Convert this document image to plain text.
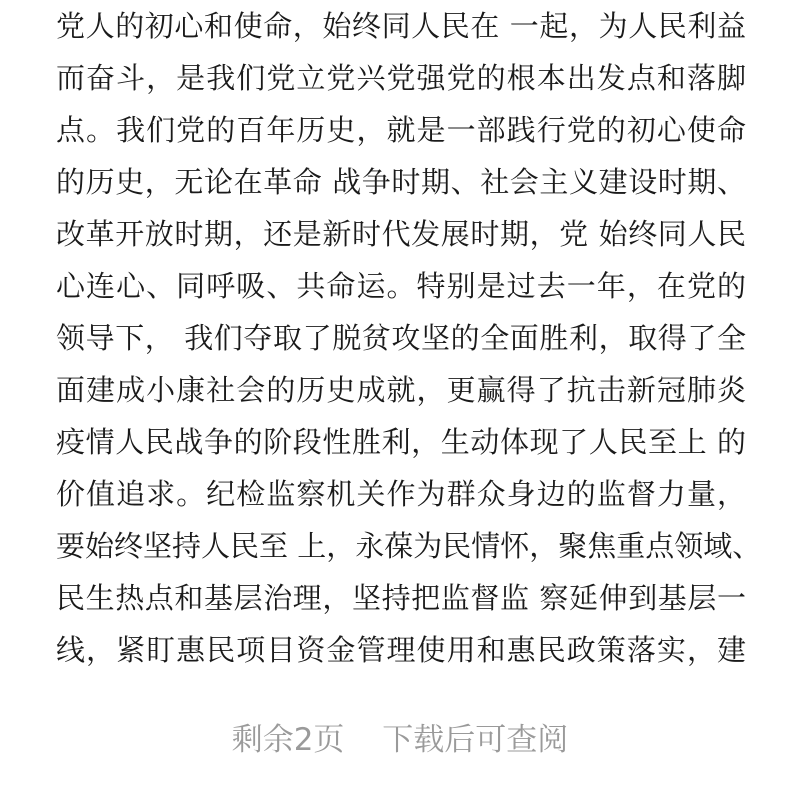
党人的初心和使命，始终同人民在 一起，为人民利益
而奋斗，是我们党立党兴党强党的根本出发点和落脚
点。我们党的百年历史，就是一部践行党的初心使命
的历史，无论在革命 战争时期、社会主义建设时期、
改革开放时期，还是新时代发展时期，党 始终同人民
心连心、同呼吸、共命运。特别是过去一年，在党的
领导下， 我们夺取了脱贫攻坚的全面胜利，取得了全
面建成小康社会的历史成就，更赢得了抗击新冠肺炎
疫情人民战争的阶段性胜利，生动体现了人民至上 的
价值追求。纪检监察机关作为群众身边的监督力量，
要始终坚持人民至 上，永葆为民情怀，聚焦重点领域、
民生热点和基层治理，坚持把监督监 察延伸到基层一
线，紧盯惠民项目资金管理使用和惠民政策落实，建
剩余2页 下载后可查阅
